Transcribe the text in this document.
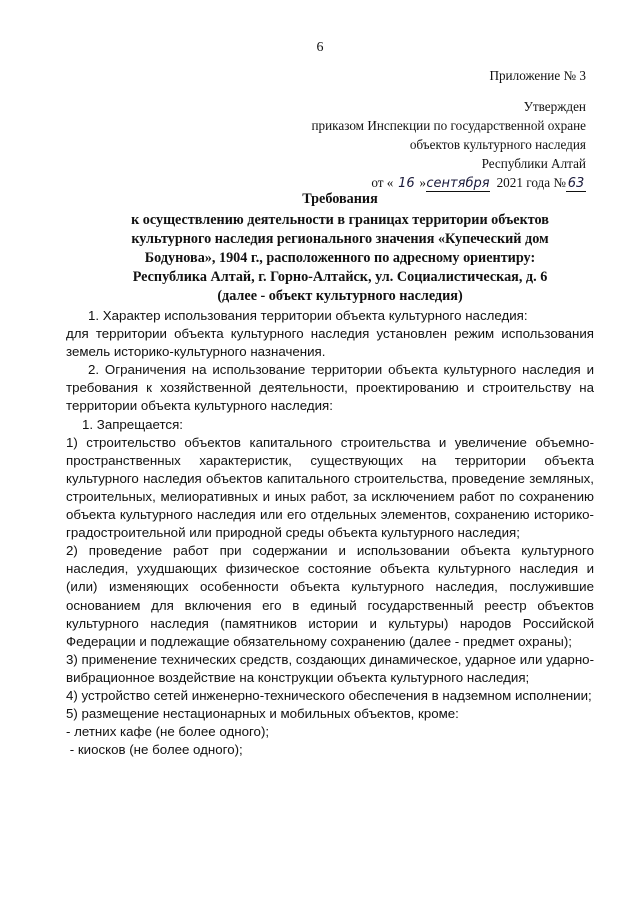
6
Приложение № 3
Утвержден
приказом Инспекции по государственной охране
объектов культурного наследия
Республики Алтай
от « 16 »сентября 2021 года № 63
Требования
к осуществлению деятельности в границах территории объектов
культурного наследия регионального значения «Купеческий дом
Бодунова», 1904 г., расположенного по адресному ориентиру:
Республика Алтай, г. Горно-Алтайск, ул. Социалистическая, д. 6
(далее - объект культурного наследия)

1. Характер использования территории объекта культурного наследия:

для территории объекта культурного наследия установлен режим использования земель историко-культурного назначения.

2. Ограничения на использование территории объекта культурного наследия и требования к хозяйственной деятельности, проектированию и строительству на территории объекта культурного наследия:

1. Запрещается:

1) строительство объектов капитального строительства и увеличение объемно-пространственных характеристик, существующих на территории объекта культурного наследия объектов капитального строительства, проведение земляных, строительных, мелиоративных и иных работ, за исключением работ по сохранению объекта культурного наследия или его отдельных элементов, сохранению историко-градостроительной или природной среды объекта культурного наследия;

2) проведение работ при содержании и использовании объекта культурного наследия, ухудшающих физическое состояние объекта культурного наследия и (или) изменяющих особенности объекта культурного наследия, послужившие основанием для включения его в единый государственный реестр объектов культурного наследия (памятников истории и культуры) народов Российской Федерации и подлежащие обязательному сохранению (далее - предмет охраны);

3) применение технических средств, создающих динамическое, ударное или ударно-вибрационное воздействие на конструкции объекта культурного наследия;

4) устройство сетей инженерно-технического обеспечения в надземном исполнении;

5) размещение нестационарных и мобильных объектов, кроме:

- летних кафе (не более одного);

- киосков (не более одного);
